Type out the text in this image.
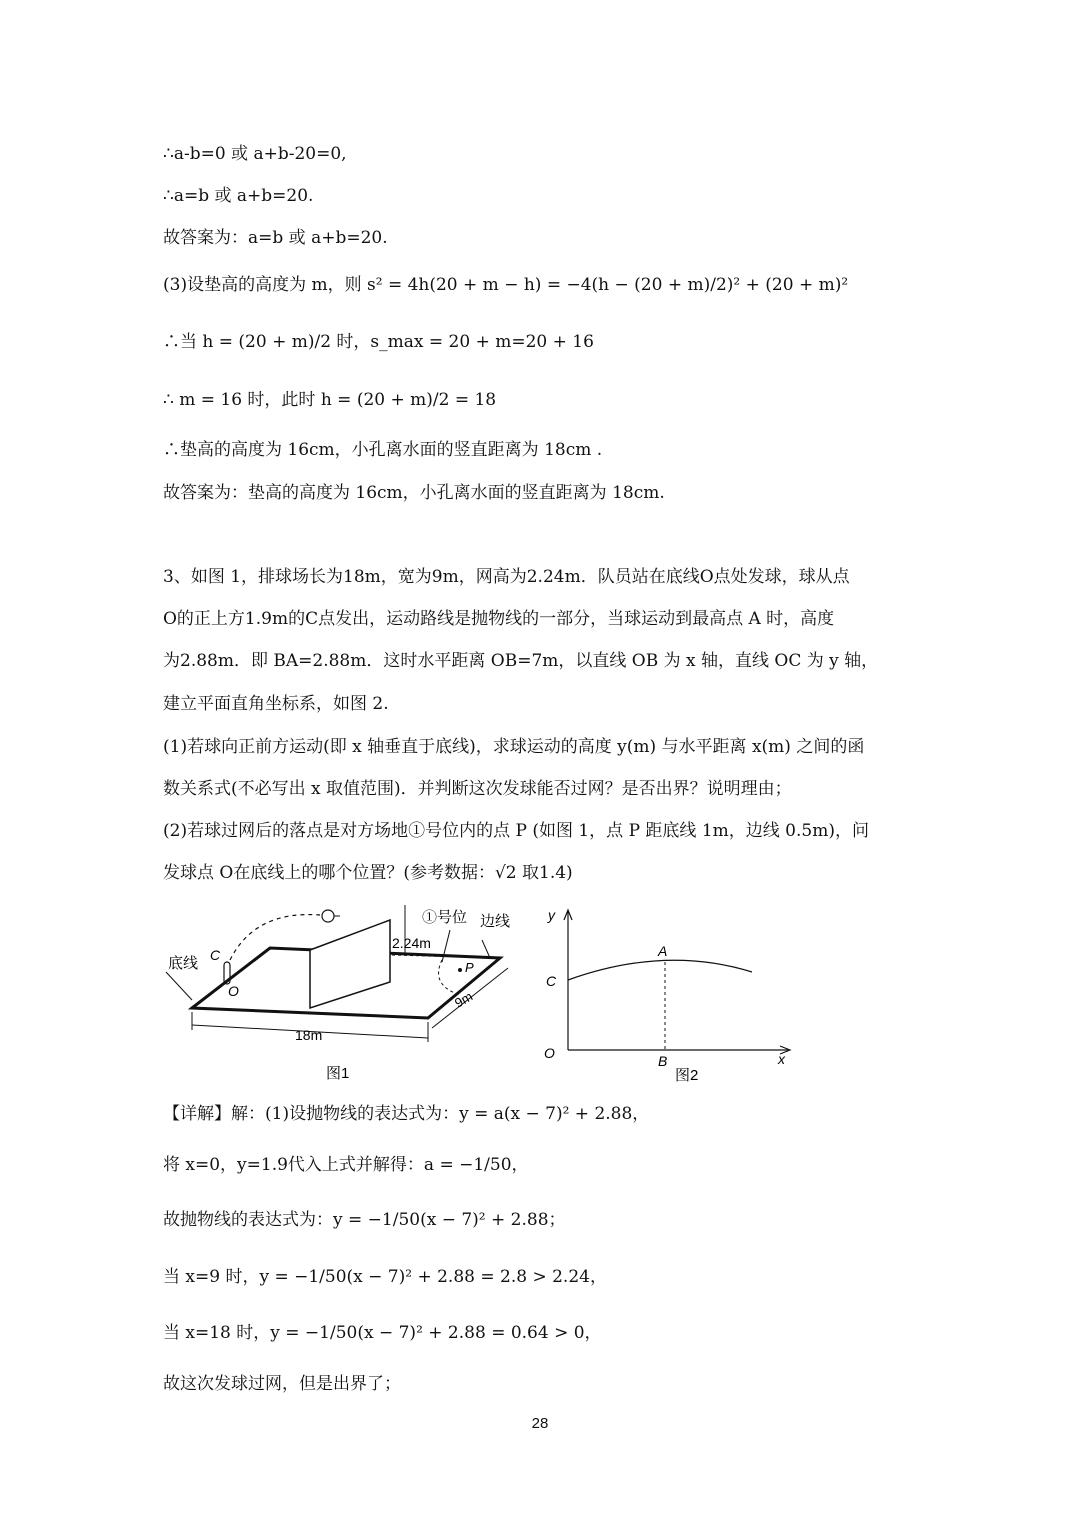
∴a-b=0 或 a+b-20=0,
∴a=b 或 a+b=20.
故答案为：a=b 或 a+b=20.
(3)设垫高的高度为 m，则 s² = 4h(20 + m − h) = −4(h − (20 + m)/2)² + (20 + m)²
∴当 h = (20 + m)/2 时，s_max = 20 + m=20 + 16
∴ m = 16 时，此时 h = (20 + m)/2 = 18
∴垫高的高度为 16cm，小孔离水面的竖直距离为 18cm .
故答案为：垫高的高度为 16cm，小孔离水面的竖直距离为 18cm.
3、如图 1，排球场长为18m，宽为9m，网高为2.24m．队员站在底线O点处发球，球从点
O的正上方1.9m的C点发出，运动路线是抛物线的一部分，当球运动到最高点 A 时，高度
为2.88m．即 BA=2.88m．这时水平距离 OB=7m，以直线 OB 为 x 轴，直线 OC 为 y 轴，
建立平面直角坐标系，如图 2.
(1)若球向正前方运动(即 x 轴垂直于底线)，求球运动的高度 y(m) 与水平距离 x(m) 之间的函
数关系式(不必写出 x 取值范围)．并判断这次发球能否过网？是否出界？说明理由；
(2)若球过网后的落点是对方场地①号位内的点 P (如图 1，点 P 距底线 1m，边线 0.5m)，问
发球点 O在底线上的哪个位置？(参考数据：√2 取1.4)
底线 C
O
18m
9m
2.24m
①号位 边线
P
图1
y
x
O
C
A
B
图2
【详解】解：(1)设抛物线的表达式为：y = a(x − 7)² + 2.88，
将 x=0，y=1.9代入上式并解得：a = −1/50，
故抛物线的表达式为：y = −1/50(x − 7)² + 2.88；
当 x=9 时，y = −1/50(x − 7)² + 2.88 = 2.8 > 2.24，
当 x=18 时，y = −1/50(x − 7)² + 2.88 = 0.64 > 0，
故这次发球过网，但是出界了；
28
